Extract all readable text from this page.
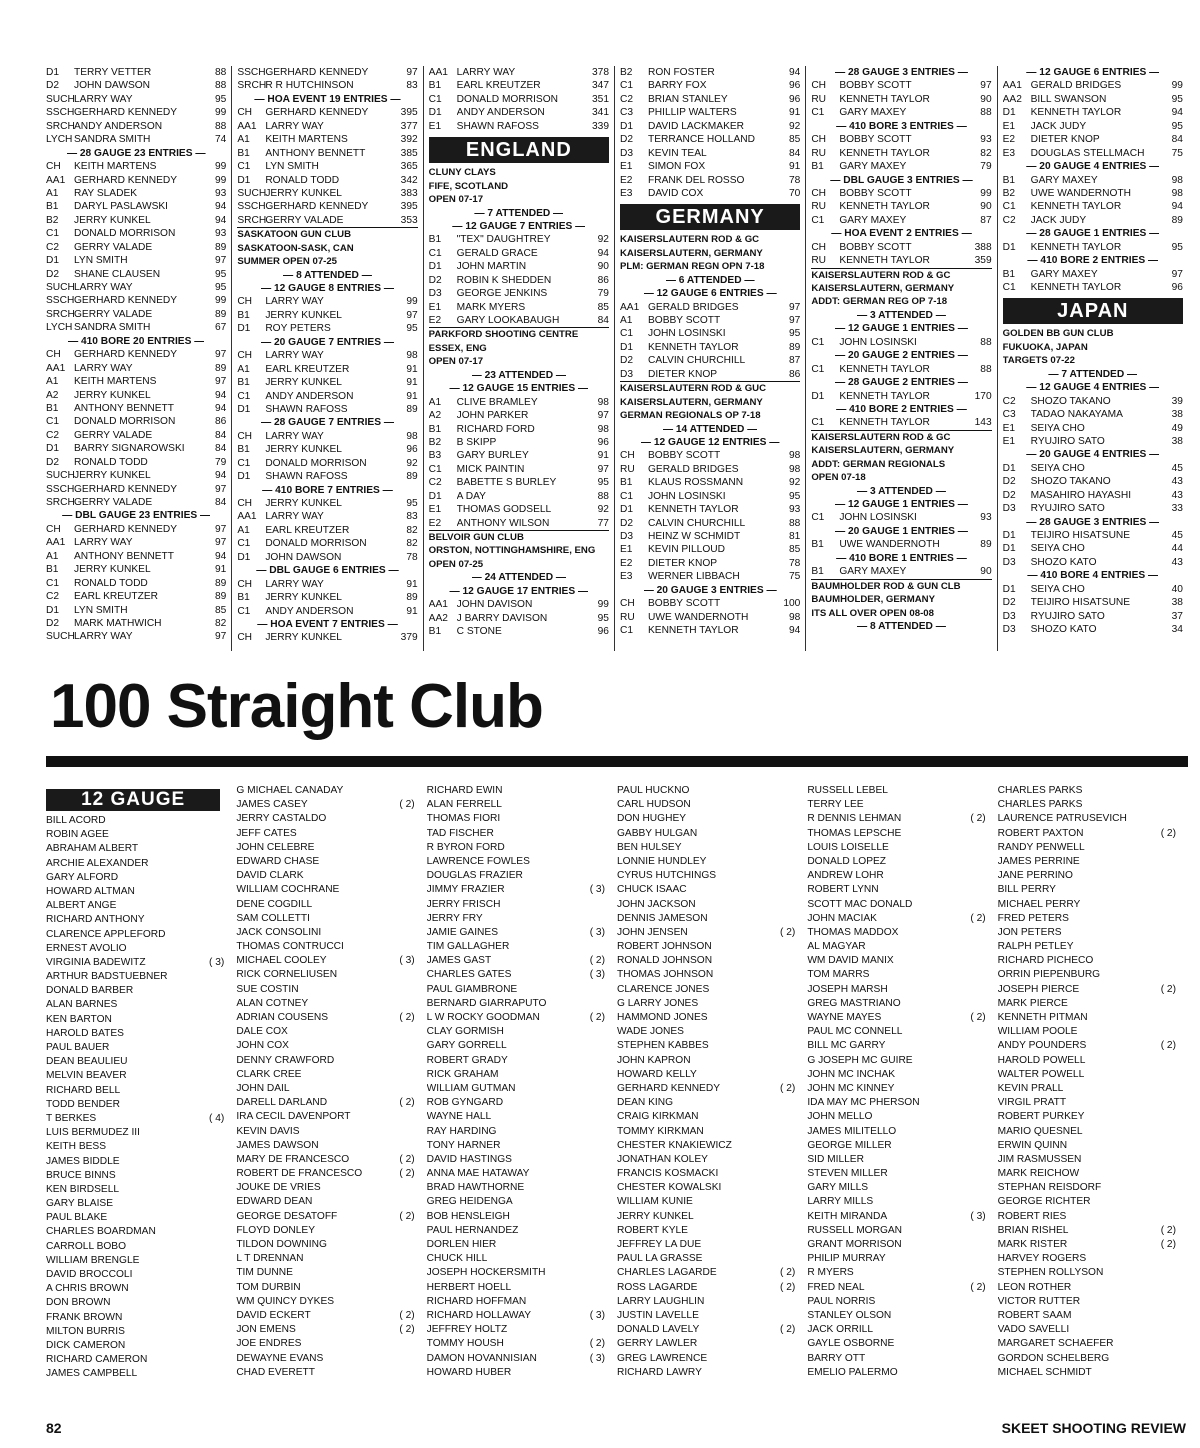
D1	TERRY VETTER	88
D2	JOHN DAWSON	88
SUCH LARRY WAY	95
SSCH GERHARD KENNEDY	99
SRCH ANDY ANDERSON	88
LYCH SANDRA SMITH	74
— 28 GAUGE 23 ENTRIES —
CH	KEITH MARTENS	99
AA1 GERHARD KENNEDY	99
A1	RAY SLADEK	93
B1	DARYL PASLAWSKI	94
B2	JERRY KUNKEL	94
C1	DONALD MORRISON	93
C2	GERRY VALADE	89
D1	LYN SMITH	97
D2	SHANE CLAUSEN	95
SUCH LARRY WAY	95
SSCH GERHARD KENNEDY	99
SRCH GERRY VALADE	89
LYCH SANDRA SMITH	67
— 410 BORE 20 ENTRIES —
CH	GERHARD KENNEDY	97
AA1 LARRY WAY	89
A1	KEITH MARTENS	97
A2	JERRY KUNKEL	94
B1	ANTHONY BENNETT	94
C1	DONALD MORRISON	86
C2	GERRY VALADE	84
D1	BARRY SIGNAROWSKI	84
D2	RONALD TODD	79
SUCH JERRY KUNKEL	94
SSCH GERHARD KENNEDY	97
SRCH GERRY VALADE	84
— DBL GAUGE 23 ENTRIES —
CH	GERHARD KENNEDY	97
AA1 LARRY WAY	97
A1	ANTHONY BENNETT	94
B1	JERRY KUNKEL	91
C1	RONALD TODD	89
C2	EARL KREUTZER	89
D1	LYN SMITH	85
D2	MARK MATHWICH	82
SUCH LARRY WAY	97
SSCH GERHARD KENNEDY	97
SRCH R R HUTCHINSON	83
— HOA EVENT 19 ENTRIES —
CH	GERHARD KENNEDY	395
AA1 LARRY WAY	377
A1	KEITH MARTENS	392
B1	ANTHONY BENNETT	385
C1	LYN SMITH	365
D1	RONALD TODD	342
SUCH JERRY KUNKEL	383
SSCH GERHARD KENNEDY	395
SRCH GERRY VALADE	353
SASKATOON GUN CLUB
SASKATOON-SASK, CAN
SUMMER OPEN 07-25
— 8 ATTENDED —
— 12 GAUGE 8 ENTRIES —
CH	LARRY WAY	99
B1	JERRY KUNKEL	97
D1	ROY PETERS	95
— 20 GAUGE 7 ENTRIES —
CH	LARRY WAY	98
A1	EARL KREUTZER	91
B1	JERRY KUNKEL	91
C1	ANDY ANDERSON	91
D1	SHAWN RAFOSS	89
— 28 GAUGE 7 ENTRIES —
CH	LARRY WAY	98
B1	JERRY KUNKEL	96
C1	DONALD MORRISON	92
D1	SHAWN RAFOSS	89
— 410 BORE 7 ENTRIES —
CH	JERRY KUNKEL	95
AA1 LARRY WAY	83
A1	EARL KREUTZER	82
C1	DONALD MORRISON	82
D1	JOHN DAWSON	78
— DBL GAUGE 6 ENTRIES —
CH	LARRY WAY	91
B1	JERRY KUNKEL	89
C1	ANDY ANDERSON	91
— HOA EVENT 7 ENTRIES —
CH	JERRY KUNKEL	379
AA1 LARRY WAY	378
B1	EARL KREUTZER	347
C1	DONALD MORRISON	351
D1	ANDY ANDERSON	341
E1	SHAWN RAFOSS	339
ENGLAND
CLUNY CLAYS
FIFE, SCOTLAND
OPEN 07-17
— 7 ATTENDED —
— 12 GAUGE 7 ENTRIES —
B1	"TEX" DAUGHTREY	92
C1	GERALD GRACE	94
D1	JOHN MARTIN	90
D2	ROBIN K SHEDDEN	86
D3	GEORGE JENKINS	79
E1	MARK MYERS	85
E2	GARY LOOKABAUGH	84
PARKFORD SHOOTING CENTRE
ESSEX, ENG
OPEN 07-17
— 23 ATTENDED —
— 12 GAUGE 15 ENTRIES —
A1	CLIVE BRAMLEY	98
A2	JOHN PARKER	97
B1	RICHARD FORD	98
B2	B SKIPP	96
B3	GARY BURLEY	91
C1	MICK PAINTIN	97
C2	BABETTE S BURLEY	95
D1	A DAY	88
E1	THOMAS GODSELL	92
E2	ANTHONY WILSON	77
BELVOIR GUN CLUB
ORSTON, NOTTINGHAMSHIRE, ENG
OPEN 07-25
— 24 ATTENDED —
— 12 GAUGE 17 ENTRIES —
AA1 JOHN DAVISON	99
AA2 J BARRY DAVISON	95
B1	C STONE	96
B2	RON FOSTER	94
C1	BARRY FOX	96
C2	BRIAN STANLEY	96
C3	PHILLIP WALTERS	91
D1	DAVID LACKMAKER	92
D2	TERRANCE HOLLAND	85
D3	KEVIN TEAL	84
E1	SIMON FOX	91
E2	FRANK DEL ROSSO	78
E3	DAVID COX	70
GERMANY
KAISERSLAUTERN ROD & GC
KAISERSLAUTERN, GERMANY
PLM: GERMAN REGN OPN 7-18
— 6 ATTENDED —
— 12 GAUGE 6 ENTRIES —
AA1 GERALD BRIDGES	97
A1	BOBBY SCOTT	97
C1	JOHN LOSINSKI	95
D1	KENNETH TAYLOR	89
D2	CALVIN CHURCHILL	87
D3	DIETER KNOP	86
KAISERSLAUTERN ROD & GUC
KAISERSLAUTERN, GERMANY
GERMAN REGIONALS OP 7-18
— 14 ATTENDED —
— 12 GAUGE 12 ENTRIES —
CH	BOBBY SCOTT	98
RU	GERALD BRIDGES	98
B1	KLAUS ROSSMANN	92
C1	JOHN LOSINSKI	95
D1	KENNETH TAYLOR	93
D2	CALVIN CHURCHILL	88
D3	HEINZ W SCHMIDT	81
E1	KEVIN PILLOUD	85
E2	DIETER KNOP	78
E3	WERNER LIBBACH	75
— 20 GAUGE 3 ENTRIES —
CH	BOBBY SCOTT	100
RU	UWE WANDERNOTH	98
C1	KENNETH TAYLOR	94
— 28 GAUGE 3 ENTRIES —
CH	BOBBY SCOTT	97
RU	KENNETH TAYLOR	90
C1	GARY MAXEY	88
— 410 BORE 3 ENTRIES —
CH	BOBBY SCOTT	93
RU	KENNETH TAYLOR	82
B1	GARY MAXEY	79
— DBL GAUGE 3 ENTRIES —
CH	BOBBY SCOTT	99
RU	KENNETH TAYLOR	90
C1	GARY MAXEY	87
— HOA EVENT 2 ENTRIES —
CH	BOBBY SCOTT	388
RU	KENNETH TAYLOR	359
KAISERSLAUTERN ROD & GC
KAISERSLAUTERN, GERMANY
ADDT: GERMAN REG OP 7-18
— 3 ATTENDED —
— 12 GAUGE 1 ENTRIES —
C1	JOHN LOSINSKI	88
— 20 GAUGE 2 ENTRIES —
C1	KENNETH TAYLOR	88
— 28 GAUGE 2 ENTRIES —
D1	KENNETH TAYLOR	170
— 410 BORE 2 ENTRIES —
C1	KENNETH TAYLOR	143
KAISERSLAUTERN ROD & GC
KAISERSLAUTERN, GERMANY
ADDT: GERMAN REGIONALS
OPEN 07-18
— 3 ATTENDED —
— 12 GAUGE 1 ENTRIES —
C1	JOHN LOSINSKI	93
— 20 GAUGE 1 ENTRIES —
B1	UWE WANDERNOTH	89
— 410 BORE 1 ENTRIES —
B1	GARY MAXEY	90
BAUMHOLDER ROD & GUN CLB
BAUMHOLDER, GERMANY
ITS ALL OVER OPEN 08-08
— 8 ATTENDED —
— 12 GAUGE 6 ENTRIES —
AA1 GERALD BRIDGES	99
AA2 BILL SWANSON	95
D1	KENNETH TAYLOR	94
E1	JACK JUDY	95
E2	DIETER KNOP	84
E3	DOUGLAS STELLMACH	75
— 20 GAUGE 4 ENTRIES —
B1	GARY MAXEY	98
B2	UWE WANDERNOTH	98
C1	KENNETH TAYLOR	94
C2	JACK JUDY	89
— 28 GAUGE 1 ENTRIES —
D1	KENNETH TAYLOR	95
— 410 BORE 2 ENTRIES —
B1	GARY MAXEY	97
C1	KENNETH TAYLOR	96
JAPAN
GOLDEN BB GUN CLUB
FUKUOKA, JAPAN
TARGETS 07-22
— 7 ATTENDED —
— 12 GAUGE 4 ENTRIES —
C2	SHOZO TAKANO	39
C3	TADAO NAKAYAMA	38
E1	SEIYA CHO	49
E1	RYUJIRO SATO	38
— 20 GAUGE 4 ENTRIES —
D1	SEIYA CHO	45
D2	SHOZO TAKANO	43
D2	MASAHIRO HAYASHI	43
D3	RYUJIRO SATO	33
— 28 GAUGE 3 ENTRIES —
D1	TEIJIRO HISATSUNE	45
D1	SEIYA CHO	44
D3	SHOZO KATO	43
— 410 BORE 4 ENTRIES —
D1	SEIYA CHO	40
D2	TEIJIRO HISATSUNE	38
D3	RYUJIRO SATO	37
D3	SHOZO KATO	34
100 Straight Club
12 GAUGE
BILL ACORD
ROBIN AGEE
ABRAHAM ALBERT
ARCHIE ALEXANDER
GARY ALFORD
HOWARD ALTMAN
ALBERT ANGE
RICHARD ANTHONY
CLARENCE APPLEFORD
ERNEST AVOLIO
VIRGINIA BADEWITZ	( 3)
ARTHUR BADSTUEBNER
DONALD BARBER
ALAN BARNES
KEN BARTON
HAROLD BATES
PAUL BAUER
DEAN BEAULIEU
MELVIN BEAVER
RICHARD BELL
TODD BENDER
T BERKES	( 4)
LUIS BERMUDEZ III
KEITH BESS
JAMES BIDDLE
BRUCE BINNS
KEN BIRDSELL
GARY BLAISE
PAUL BLAKE
CHARLES BOARDMAN
CARROLL BOBO
WILLIAM BRENGLE
DAVID BROCCOLI
A CHRIS BROWN
DON BROWN
FRANK BROWN
MILTON BURRIS
DICK CAMERON
RICHARD CAMERON
JAMES CAMPBELL
G MICHAEL CANADAY
JAMES CASEY	( 2)
JERRY CASTALDO
JEFF CATES
JOHN CELEBRE
EDWARD CHASE
DAVID CLARK
WILLIAM COCHRANE
DENE COGDILL
SAM COLLETTI
JACK CONSOLINI
THOMAS CONTRUCCI
MICHAEL COOLEY	( 3)
RICK CORNELIUSEN
SUE COSTIN
ALAN COTNEY
ADRIAN COUSENS	( 2)
DALE COX
JOHN COX
DENNY CRAWFORD
CLARK CREE
JOHN DAIL
DARELL DARLAND	( 2)
IRA CECIL DAVENPORT
KEVIN DAVIS
JAMES DAWSON
MARY DE FRANCESCO	( 2)
ROBERT DE FRANCESCO	( 2)
JOUKE DE VRIES
EDWARD DEAN
GEORGE DESATOFF	( 2)
FLOYD DONLEY
TILDON DOWNING
L T DRENNAN
TIM DUNNE
TOM DURBIN
WM QUINCY DYKES
DAVID ECKERT	( 2)
JON EMENS	( 2)
JOE ENDRES
DEWAYNE EVANS
CHAD EVERETT
RICHARD EWIN
ALAN FERRELL
THOMAS FIORI
TAD FISCHER
R BYRON FORD
LAWRENCE FOWLES
DOUGLAS FRAZIER
JIMMY FRAZIER	( 3)
JERRY FRISCH
JERRY FRY
JAMIE GAINES	( 3)
TIM GALLAGHER
JAMES GAST	( 2)
CHARLES GATES	( 3)
PAUL GIAMBRONE
BERNARD GIARRAPUTO
L W ROCKY GOODMAN	( 2)
CLAY GORMISH
GARY GORRELL
ROBERT GRADY
RICK GRAHAM
WILLIAM GUTMAN
ROB GYNGARD
WAYNE HALL
RAY HARDING
TONY HARNER
DAVID HASTINGS
ANNA MAE HATAWAY
BRAD HAWTHORNE
GREG HEIDENGA
BOB HENSLEIGH
PAUL HERNANDEZ
DORLEN HIER
CHUCK HILL
JOSEPH HOCKERSMITH
HERBERT HOELL
RICHARD HOFFMAN
RICHARD HOLLAWAY	( 3)
JEFFREY HOLTZ
TOMMY HOUSH	( 2)
DAMON HOVANNISIAN	( 3)
HOWARD HUBER
PAUL HUCKNO
CARL HUDSON
DON HUGHEY
GABBY HULGAN
BEN HULSEY
LONNIE HUNDLEY
CYRUS HUTCHINGS
CHUCK ISAAC
JOHN JACKSON
DENNIS JAMESON
JOHN JENSEN	( 2)
ROBERT JOHNSON
RONALD JOHNSON
THOMAS JOHNSON
CLARENCE JONES
G LARRY JONES
HAMMOND JONES
WADE JONES
STEPHEN KABBES
JOHN KAPRON
HOWARD KELLY
GERHARD KENNEDY	( 2)
DEAN KING
CRAIG KIRKMAN
TOMMY KIRKMAN
CHESTER KNAKIEWICZ
JONATHAN KOLEY
FRANCIS KOSMACKI
CHESTER KOWALSKI
WILLIAM KUNIE
JERRY KUNKEL
ROBERT KYLE
JEFFREY LA DUE
PAUL LA GRASSE
CHARLES LAGARDE	( 2)
ROSS LAGARDE	( 2)
LARRY LAUGHLIN
JUSTIN LAVELLE
DONALD LAVELY	( 2)
GERRY LAWLER
GREG LAWRENCE
RICHARD LAWRY
RUSSELL LEBEL
TERRY LEE
R DENNIS LEHMAN	( 2)
THOMAS LEPSCHE
LOUIS LOISELLE
DONALD LOPEZ
ANDREW LOHR
ROBERT LYNN
SCOTT MAC DONALD
JOHN MACIAK	( 2)
THOMAS MADDOX
AL MAGYAR
WM DAVID MANIX
TOM MARRS
JOSEPH MARSH
GREG MASTRIANO
WAYNE MAYES	( 2)
PAUL MC CONNELL
BILL MC GARRY
G JOSEPH MC GUIRE
JOHN MC INCHAK
JOHN MC KINNEY
IDA MAY MC PHERSON
JOHN MELLO
JAMES MILITELLO
GEORGE MILLER
SID MILLER
STEVEN MILLER
GARY MILLS
LARRY MILLS
KEITH MIRANDA	( 3)
RUSSELL MORGAN
GRANT MORRISON
PHILIP MURRAY
R MYERS
FRED NEAL	( 2)
PAUL NORRIS
STANLEY OLSON
JACK ORRILL
GAYLE OSBORNE
BARRY OTT
EMELIO PALERMO
CHARLES PARKS
CHARLES PARKS
LAURENCE PATRUSEVICH
ROBERT PAXTON	( 2)
RANDY PENWELL
JAMES PERRINE
JANE PERRINO
BILL PERRY
MICHAEL PERRY
FRED PETERS
JON PETERS
RALPH PETLEY
RICHARD PICHECO
ORRIN PIEPENBURG
JOSEPH PIERCE	( 2)
MARK PIERCE
KENNETH PITMAN
WILLIAM POOLE
ANDY POUNDERS	( 2)
HAROLD POWELL
WALTER POWELL
KEVIN PRALL
VIRGIL PRATT
ROBERT PURKEY
MARIO QUESNEL
ERWIN QUINN
JIM RASMUSSEN
MARK REICHOW
STEPHAN REISDORF
GEORGE RICHTER
ROBERT RIES
BRIAN RISHEL	( 2)
MARK RISTER	( 2)
HARVEY ROGERS
STEPHEN ROLLYSON
LEON ROTHER
VICTOR RUTTER
ROBERT SAAM
VADO SAVELLI
MARGARET SCHAEFER
GORDON SCHELBERG
MICHAEL SCHMIDT
82	SKEET SHOOTING REVIEW
